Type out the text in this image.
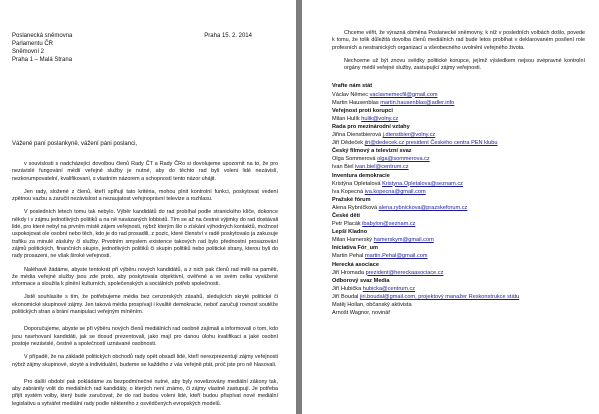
Poslanecká sněmovna
Parlamentu ČR
Sněmovní 2
Praha 1 – Malá Strana
Praha 15. 2. 2014
Vážené paní poslankyně, vážení páni poslanci,

v souvislosti s nadcházející dovolbou členů Rady ČT a Rady ČRo si dovolujeme upozornit na to, že pro nezávislé fungování médií veřejné služby je nutné, aby do těchto rad byli voleni lidé nezávislí, nezkorumpovatelní, kvalifikovaní, s vlastním názorem a schopností tento názor uhájit.

Jen rady, složené z členů, kteří splňují tato kritéria, mohou plnit kontrolní funkci, poskytovat vedení zpětnou vazbu a zaručit nezávislost a nezaujatost veřejnoprávní televize a rozhlasu.

V posledních letech tomu tak nebylo. Výběr kandidátů do rad probíhal podle stranického klíče, dokonce někdy i v zájmu jednotlivých politiků a na ně navázaných lobbistů. Tím se až na čestné výjimky do rad dostávali lidé, pro které nebyl na prvním místě zájem veřejnosti, nýbrž kterým šlo o získání výhodných kontaktů, možnost uspokojovat ole osobní nebo těch, kdo je do rad prosadili, z pozic, které členství v radě poskytovalo ja zakusuje trafiku za minulé zásluhy či služby. Prvotním smyslem existence takových rad bylo přednostní prosazování zájmů politických, finančních skupin, jednotlivých politiků či skupin politiků nebo politické strany, kterou byli do rady prosazeni, ne však široké veřejnosti.

Naléhavě žádáme, abyste tentokrát při výběru nových kandidátů, a z nich pak členů rad měli na paměti, že média veřejné služby jsou zde proto, aby poskytovala objektivní, ověřené a ve svém celku vyvážené informace a sloužila k plnění kulturních, společenských a sociálních potřeb společnosti.

Jistě souhlasíte s tím, že potřebujeme média bez cenzorských zásahů, sledujících skryté politické či ekonomické skupinové zájmy. Jen taková média prospívají i kvalitě demokracie, neboť zaručují rovnost soutěže politických stran a brání manipulaci veřejným míněním.

Doporučujeme, abyste se při výběru nových členů mediálních rad osobně zajímali a informovali o tom, kdo jsou navrhovaní kandidáti, jak se dosud prezentovali, jako mají pro danou úlohu kvalifikaci a jaké osobní postoje nezávislé, čestné a společností uznávané osobnosti.

V případě, že na základě politických obchodů rady opět obsadí lidé, kteří nerezprezentují zájmy veřejnosti nýbrž zájmy skupinové, skryté a individuální, budeme se každého z vás veřejně ptát, proč jste pro ně hlasovali.

Pro další období pak pokládáme za bezpodmínečné nutné, aby byly novelizovány mediální zákony tak, aby zabránily volit do mediálních rad kandidáty, o kterých není známo, či zájmy vlastně zastupují. Je potřeba přijít systém volby, který bude zaručovat, že do rad budou voleni lidé, kteří budou přispívat nové mediální legislativu a vytvářet mediální rady podle některého z osvědčených evropských modelů.

Chceme věřit, že výrazná obměna Poslanecké sněmovny, k níž v posledních volbách došlo, povede k tomu, že tolik důležitá dovolba členů mediálních rad bude letos probíhat v deklarovaném posílení role profesních a nestranických organizací a všeobecného uvolnění veřejného života.

Nechceme už být znovu svědky politické korupce, jejímž výsledkem nejsou svépravné kontrolní orgány médií veřejné služby, zastupující zájmy veřejnosti.

Vrafte nám stát
Václav Němec vaclavnemecfil@gmail.com
Martin Hausenblas martin.hausenblas@adler.info
Veřejnost proti korupci
Milan Hulík hulik@volny.cz
Rada pro mezinárodní vztahy
Jiřina Dienstbierová j.dienstbier@volny.cz
Jiří Dědeček jiri@dedecek.cz president Českého centra PEN klubu
Český filmový a televizní svaz
Olga Sommerová olga@sommerova.cz
Ivan Biel ivan.biel@centrum.cz
Inventura demokracie
Kristýna Opletalová Kristyna.Opletalova@seznam.cz
Iva Kopecná iva.kopecna@gmail.com
Pražské fórum
Alena Rybníčková alena.rybnickova@prazskeforum.cz
České děti
Petr Placák ibabylon@seznam.cz
Lepší Kladno
Milan Hamerský hamerskym@gmail.com
Iniciativa Fór_um
Martin Pehal martin.Pehal@gmail.com
Herecká asociace
Jiří Hromada prezident@hereckaasociace.cz
Odborový svaz Media
Jiří Hubička hubicka@centrum.cz
Jiří Boudal jiri.boudal@gmail.com, projektový manažer Reskonstrukce státu
Matěj Hollan, občanský aktivista
Arnošt Wagnor, novinář
